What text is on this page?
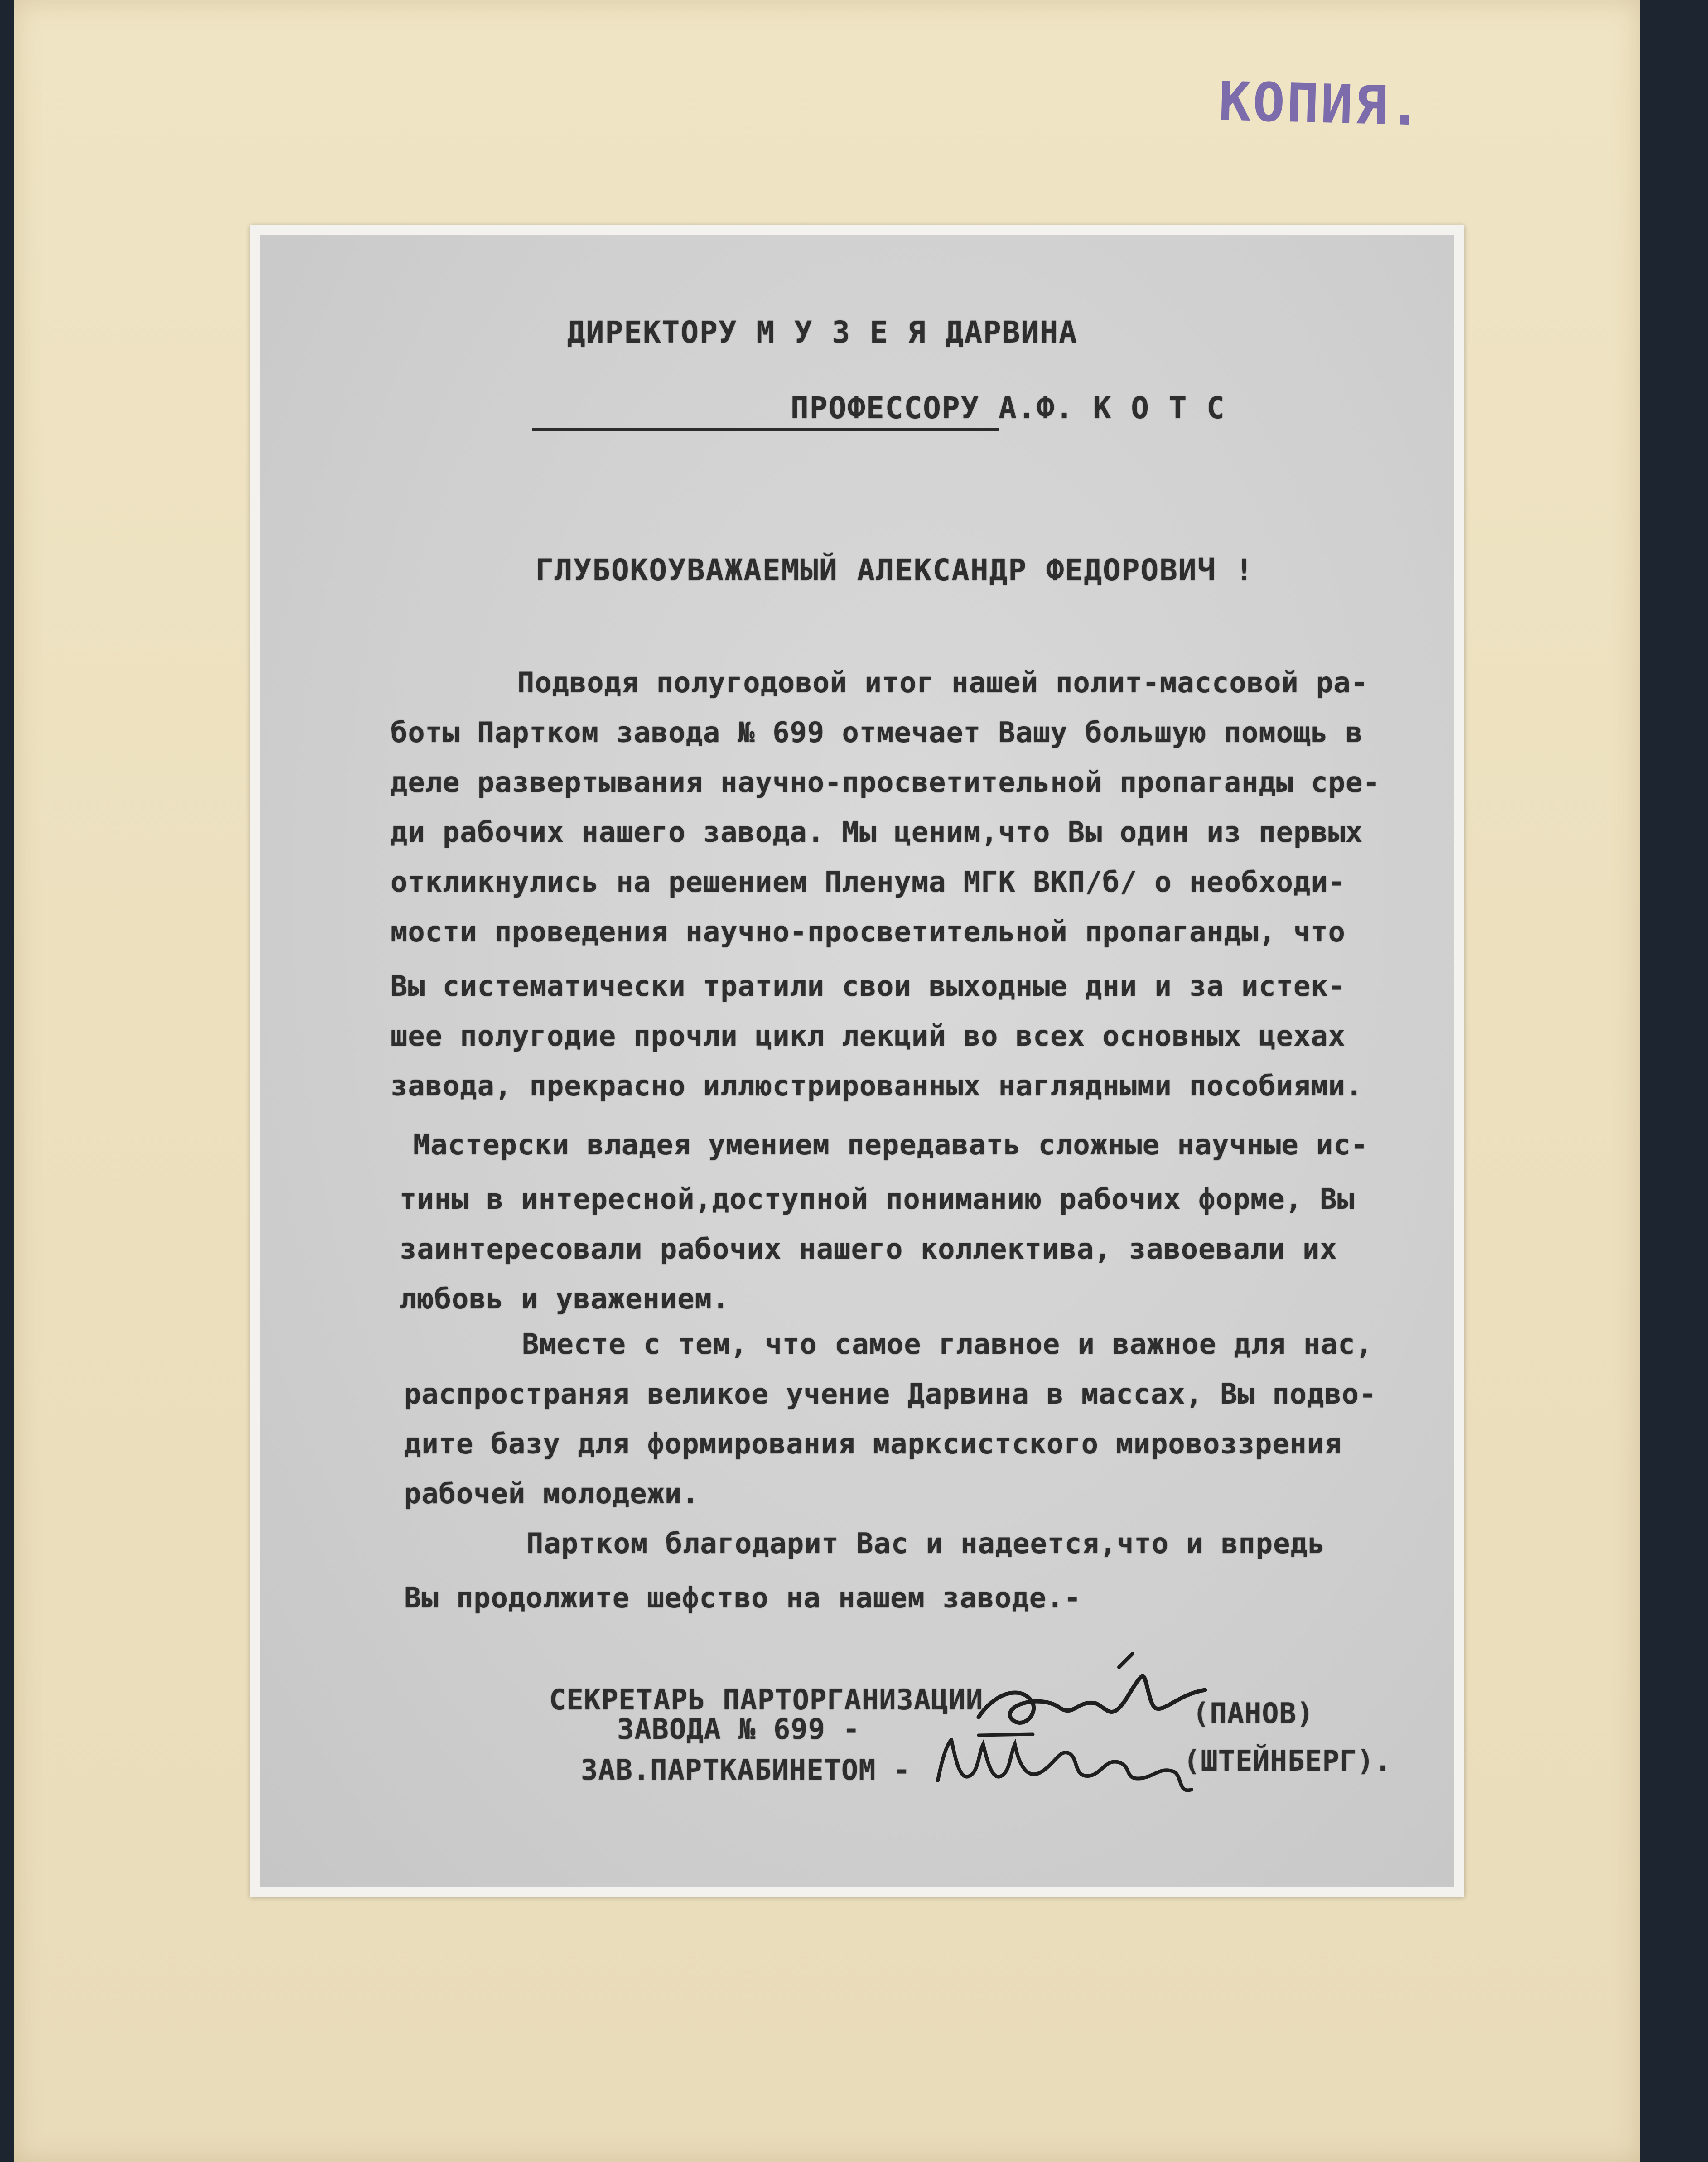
КОПИЯ.
ДИРЕКТОРУ М У З Е Я ДАРВИНА
ПРОФЕССОРУ А.Ф. К О Т С
ГЛУБОКОУВАЖАЕМЫЙ АЛЕКСАНДР ФЕДОРОВИЧ !
Подводя полугодовой итог нашей полит-массовой ра-
боты Партком завода № 699 отмечает Вашу большую помощь в
деле развертывания научно-просветительной пропаганды сре-
ди рабочих нашего завода. Мы ценим,что Вы один из первых
откликнулись на решением Пленума МГК ВКП/б/ о необходи-
мости проведения научно-просветительной пропаганды, что
Вы систематически тратили свои выходные дни и за истек-
шее полугодие прочли цикл лекций во всех основных цехах
завода, прекрасно иллюстрированных наглядными пособиями.
Мастерски владея умением передавать сложные научные ис-
тины в интересной,доступной пониманию рабочих форме, Вы
заинтересовали рабочих нашего коллектива, завоевали их
любовь и уважением.
Вместе с тем, что самое главное и важное для нас,
распространяя великое учение Дарвина в массах, Вы подво-
дите базу для формирования марксистского мировоззрения
рабочей молодежи.
Партком благодарит Вас и надеется,что и впредь
Вы продолжите шефство на нашем заводе.-
СЕКРЕТАРЬ ПАРТОРГАНИЗАЦИИ
ЗАВОДА № 699 -	(ПАНОВ)
ЗАВ.ПАРТКАБИНЕТОМ -	(ШТЕЙНБЕРГ).
